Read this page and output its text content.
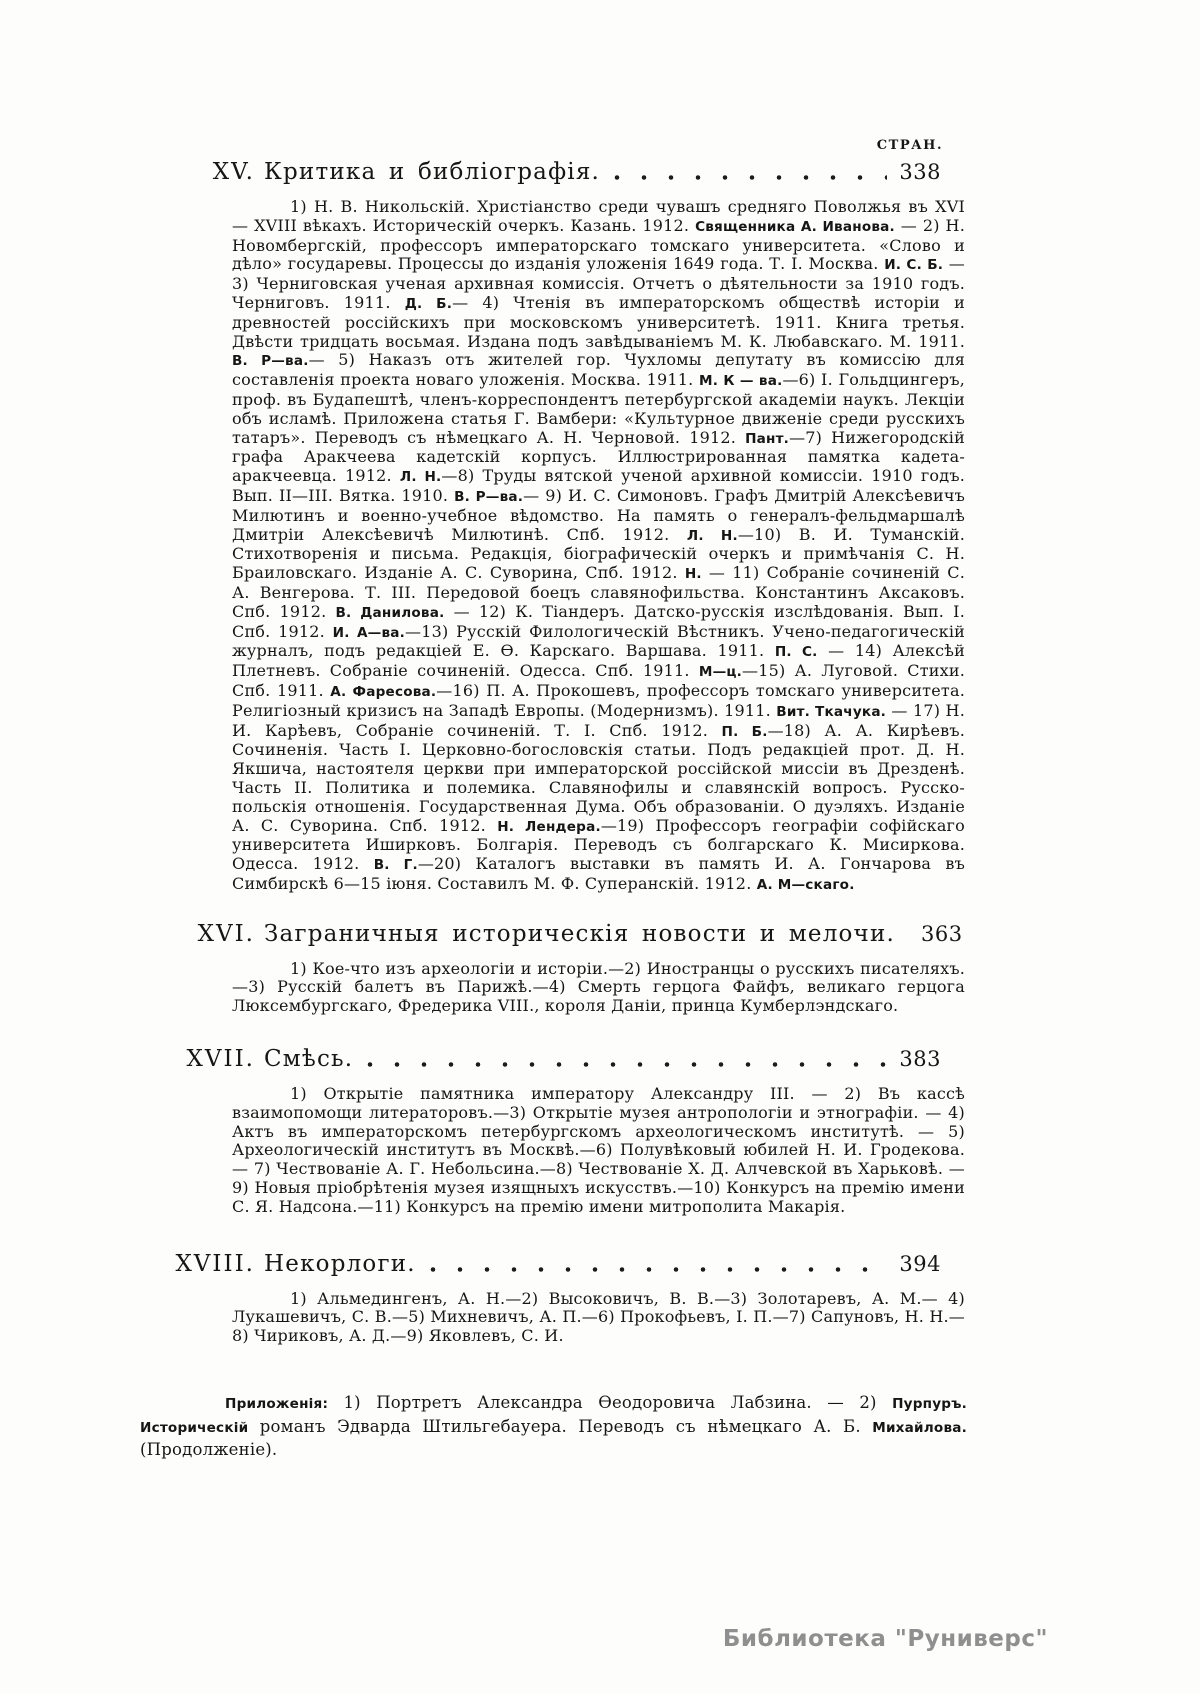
СТРАН.
XV. Критика и библіографія.	338
1) Н. В. Никольскій. Христіанство среди чувашъ средняго Поволжья въ XVI — XVIII вѣкахъ. Историческій очеркъ. Казань. 1912. Священника А. Иванова. — 2) Н. Новомбергскій, профессоръ императорскаго томскаго университета. «Слово и дѣло» государевы. Процессы до изданія уложенія 1649 года. Т. I. Москва. И. С. Б. — 3) Черниговская ученая архивная комиссія. Отчетъ о дѣятельности за 1910 годъ. Черниговъ. 1911. Д. Б.— 4) Чтенія въ императорскомъ обществѣ исторіи и древностей россійскихъ при московскомъ университетѣ. 1911. Книга третья. Двѣсти тридцать восьмая. Издана подъ завѣдываніемъ М. К. Любавскаго. М. 1911. В. Р—ва.— 5) Наказъ отъ жителей гор. Чухломы депутату въ комиссію для составленія проекта новаго уложенія. Москва. 1911. М. К — ва.—6) I. Гольдцингеръ, проф. въ Будапештѣ, членъ-корреспондентъ петербургской академіи наукъ. Лекціи объ исламѣ. Приложена статья Г. Вамбери: «Культурное движеніе среди русскихъ татаръ». Переводъ съ нѣмецкаго А. Н. Черновой. 1912. Пант.—7) Нижегородскій графа Аракчеева кадетскій корпусъ. Иллюстрированная памятка кадета-аракчеевца. 1912. Л. Н.—8) Труды вятской ученой архивной комиссіи. 1910 годъ. Вып. II—III. Вятка. 1910. В. Р—ва.— 9) И. С. Симоновъ. Графъ Дмитрій Алексѣевичъ Милютинъ и военно-учебное вѣдомство. На память о генералъ-фельдмаршалѣ Дмитріи Алексѣевичѣ Милютинѣ. Спб. 1912. Л. Н.—10) В. И. Туманскій. Стихотворенія и письма. Редакція, біографическій очеркъ и примѣчанія С. Н. Браиловскаго. Изданіе А. С. Суворина, Спб. 1912. Н. — 11) Собраніе сочиненій С. А. Венгерова. Т. III. Передовой боецъ славянофильства. Константинъ Аксаковъ. Спб. 1912. В. Данилова. — 12) К. Тіандеръ. Датско-русскія изслѣдованія. Вып. I. Спб. 1912. И. А—ва.—13) Русскій Филологическій Вѣстникъ. Учено-педагогическій журналъ, подъ редакціей Е. Ѳ. Карскаго. Варшава. 1911. П. С. — 14) Алексѣй Плетневъ. Собраніе сочиненій. Одесса. Спб. 1911. М—ц.—15) А. Луговой. Стихи. Спб. 1911. А. Фаресова.—16) П. А. Прокошевъ, профессоръ томскаго университета. Религіозный кризисъ на Западѣ Европы. (Модернизмъ). 1911. Вит. Ткачука. — 17) Н. И. Карѣевъ, Собраніе сочиненій. Т. I. Спб. 1912. П. Б.—18) А. А. Кирѣевъ. Сочиненія. Часть I. Церковно-богословскія статьи. Подъ редакціей прот. Д. Н. Якшича, настоятеля церкви при императорской россійской миссіи въ Дрезденѣ. Часть II. Политика и полемика. Славянофилы и славянскій вопросъ. Русско-польскія отношенія. Государственная Дума. Объ образованіи. О дуэляхъ. Изданіе А. С. Суворина. Спб. 1912. Н. Лендера.—19) Профессоръ географіи софійскаго университета Иширковъ. Болгарія. Переводъ съ болгарскаго К. Мисиркова. Одесса. 1912. В. Г.—20) Каталогъ выставки въ память И. А. Гончарова въ Симбирскѣ 6—15 іюня. Составилъ М. Ф. Суперанскій. 1912. А. М—скаго.
XVI. Заграничныя историческія новости и мелочи. 363
1) Кое-что изъ археологіи и исторіи.—2) Иностранцы о русскихъ писателяхъ.—3) Русскій балетъ въ Парижѣ.—4) Смерть герцога Файфъ, великаго герцога Люксембургскаго, Фредерика VIII., короля Даніи, принца Кумберлэндскаго.
XVII. Смѣсь.	383
1) Открытіе памятника императору Александру III. — 2) Въ кассѣ взаимопомощи литераторовъ.—3) Открытіе музея антропологіи и этнографіи. — 4) Актъ въ императорскомъ петербургскомъ археологическомъ институтѣ. — 5) Археологическій институтъ въ Москвѣ.—6) Полувѣковый юбилей Н. И. Гродекова. — 7) Чествованіе А. Г. Небольсина.—8) Чествованіе Х. Д. Алчевской въ Харьковѣ. — 9) Новыя пріобрѣтенія музея изящныхъ искусствъ.—10) Конкурсъ на премію имени С. Я. Надсона.—11) Конкурсъ на премію имени митрополита Макарія.
XVIII. Некорлоги.	394
1) Альмедингенъ, А. Н.—2) Высоковичъ, В. В.—3) Золотаревъ, А. М.— 4) Лукашевичъ, С. В.—5) Михневичъ, А. П.—6) Прокофьевъ, I. П.—7) Сапуновъ, Н. Н.—8) Чириковъ, А. Д.—9) Яковлевъ, С. И.
Приложенія: 1) Портретъ Александра Ѳеодоровича Лабзина. — 2) Пурпуръ. Историческій романъ Эдварда Штильгебауера. Переводъ съ нѣмецкаго А. Б. Михайлова. (Продолженіе).
Библиотека "Руниверс"
